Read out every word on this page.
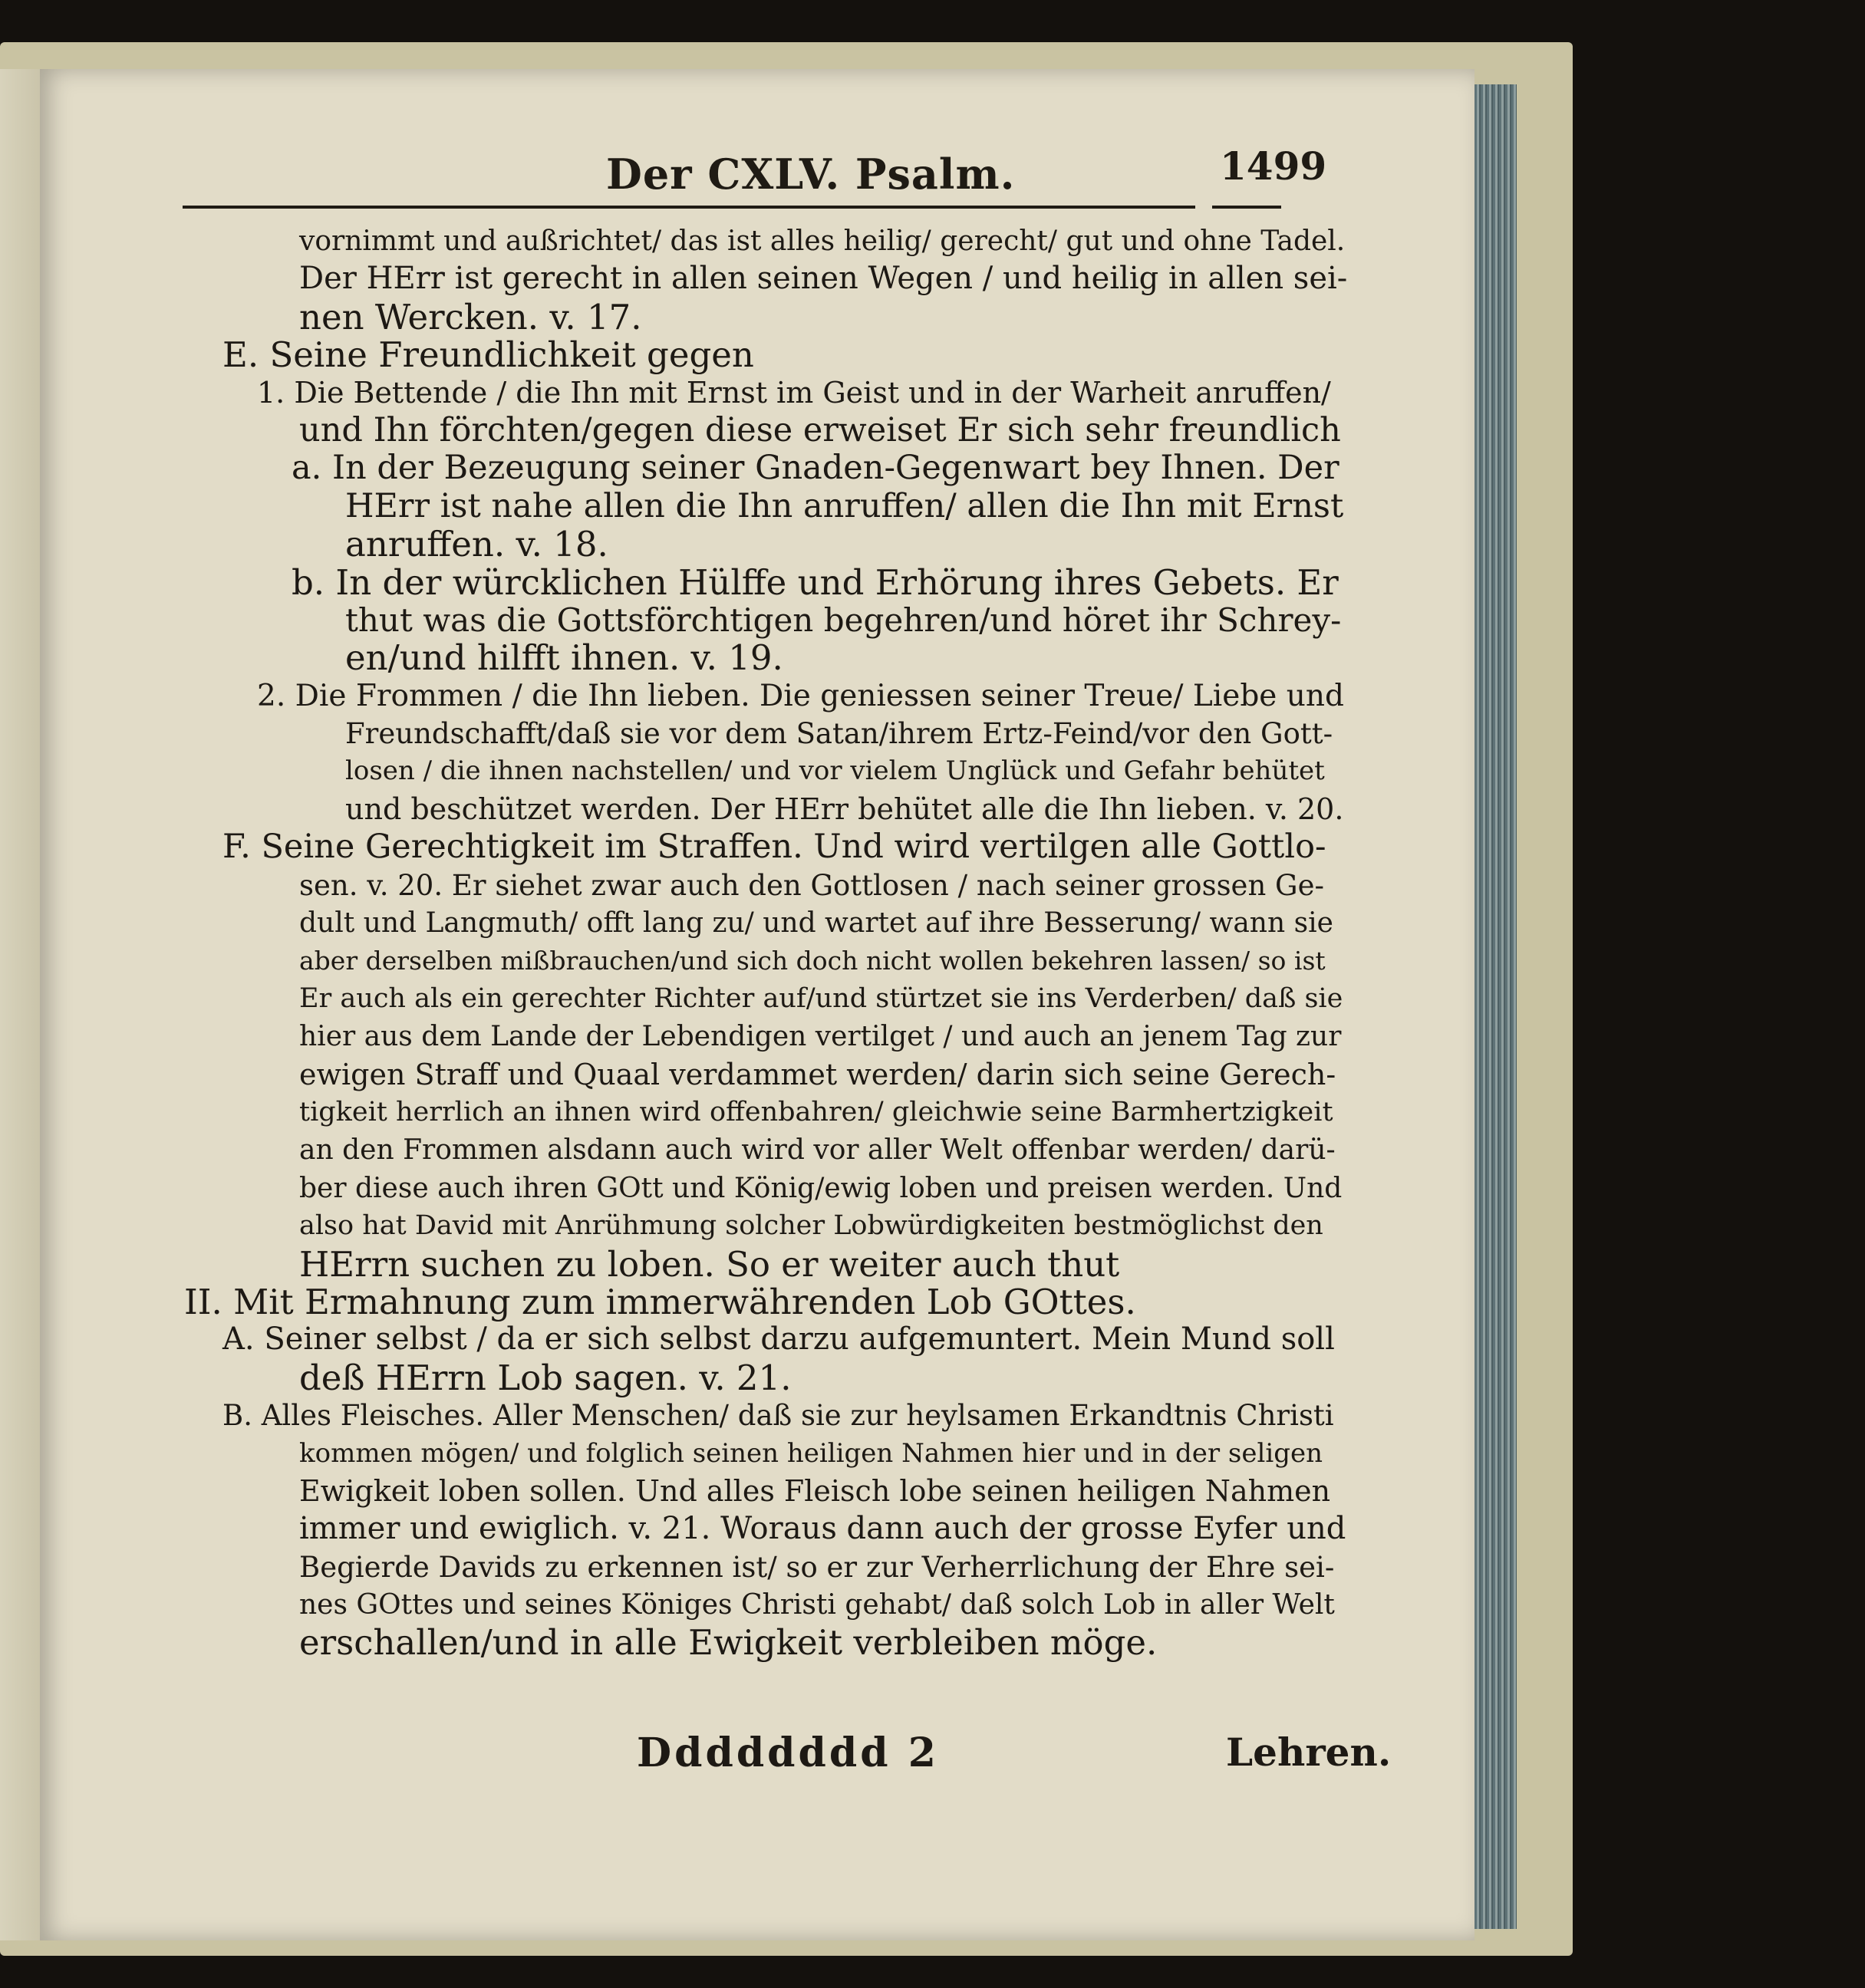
Der CXLV. Psalm.	1499
vornimmt und außrichtet/ das ist alles heilig/ gerecht/ gut und ohne Tadel.
Der HErr ist gerecht in allen seinen Wegen / und heilig in allen sei-
nen Wercken. v. 17.
E. Seine Freundlichkeit gegen
1. Die Bettende / die Ihn mit Ernst im Geist und in der Warheit anruffen/
und Ihn förchten/gegen diese erweiset Er sich sehr freundlich
a. In der Bezeugung seiner Gnaden-Gegenwart bey Ihnen. Der
HErr ist nahe allen die Ihn anruffen/ allen die Ihn mit Ernst
anruffen. v. 18.
b. In der würcklichen Hülffe und Erhörung ihres Gebets. Er
thut was die Gottsförchtigen begehren/und höret ihr Schrey-
en/und hilfft ihnen. v. 19.
2. Die Frommen / die Ihn lieben. Die geniessen seiner Treue/ Liebe und
Freundschafft/daß sie vor dem Satan/ihrem Ertz-Feind/vor den Gott-
losen / die ihnen nachstellen/ und vor vielem Unglück und Gefahr behütet
und beschützet werden. Der HErr behütet alle die Ihn lieben. v. 20.
F. Seine Gerechtigkeit im Straffen. Und wird vertilgen alle Gottlo-
sen. v. 20. Er siehet zwar auch den Gottlosen / nach seiner grossen Ge-
dult und Langmuth/ offt lang zu/ und wartet auf ihre Besserung/ wann sie
aber derselben mißbrauchen/und sich doch nicht wollen bekehren lassen/ so ist
Er auch als ein gerechter Richter auf/und stürtzet sie ins Verderben/ daß sie
hier aus dem Lande der Lebendigen vertilget / und auch an jenem Tag zur
ewigen Straff und Quaal verdammet werden/ darin sich seine Gerech-
tigkeit herrlich an ihnen wird offenbahren/ gleichwie seine Barmhertzigkeit
an den Frommen alsdann auch wird vor aller Welt offenbar werden/ darü-
ber diese auch ihren GOtt und König/ewig loben und preisen werden. Und
also hat David mit Anrühmung solcher Lobwürdigkeiten bestmöglichst den
HErrn suchen zu loben. So er weiter auch thut
II. Mit Ermahnung zum immerwährenden Lob GOttes.
A. Seiner selbst / da er sich selbst darzu aufgemuntert. Mein Mund soll
deß HErrn Lob sagen. v. 21.
B. Alles Fleisches. Aller Menschen/ daß sie zur heylsamen Erkandtnis Christi
kommen mögen/ und folglich seinen heiligen Nahmen hier und in der seligen
Ewigkeit loben sollen. Und alles Fleisch lobe seinen heiligen Nahmen
immer und ewiglich. v. 21. Woraus dann auch der grosse Eyfer und
Begierde Davids zu erkennen ist/ so er zur Verherrlichung der Ehre sei-
nes GOttes und seines Königes Christi gehabt/ daß solch Lob in aller Welt
erschallen/und in alle Ewigkeit verbleiben möge.
Dddddddd 2	Lehren.
